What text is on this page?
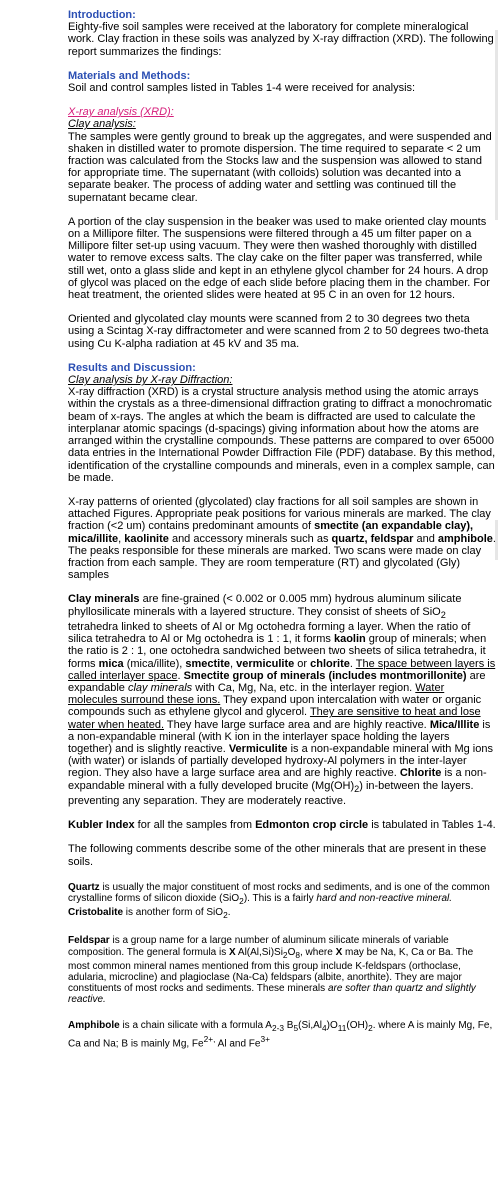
Introduction:

Eighty-five soil samples were received at the laboratory for complete mineralogical work. Clay fraction in these soils was analyzed by X-ray diffraction (XRD). The following report summarizes the findings:

Materials and Methods:

Soil and control samples listed in Tables 1-4 were received for analysis:

X-ray analysis (XRD):

Clay analysis:

The samples were gently ground to break up the aggregates, and were suspended and shaken in distilled water to promote dispersion. The time required to separate < 2 um fraction was calculated from the Stocks law and the suspension was allowed to stand for appropriate time. The supernatant (with colloids) solution was decanted into a separate beaker. The process of adding water and settling was continued till the supernatant became clear.

A portion of the clay suspension in the beaker was used to make oriented clay mounts on a Millipore filter. The suspensions were filtered through a 45 um filter paper on a Millipore filter set-up using vacuum. They were then washed thoroughly with distilled water to remove excess salts. The clay cake on the filter paper was transferred, while still wet, onto a glass slide and kept in an ethylene glycol chamber for 24 hours. A drop of glycol was placed on the edge of each slide before placing them in the chamber. For heat treatment, the oriented slides were heated at 95 C in an oven for 12 hours.

Oriented and glycolated clay mounts were scanned from 2 to 30 degrees two theta using a Scintag X-ray diffractometer and were scanned from 2 to 50 degrees two-theta using Cu K-alpha radiation at 45 kV and 35 ma.

Results and Discussion:

Clay analysis by X-ray Diffraction:

X-ray diffraction (XRD) is a crystal structure analysis method using the atomic arrays within the crystals as a three-dimensional diffraction grating to diffract a monochromatic beam of x-rays. The angles at which the beam is diffracted are used to calculate the interplanar atomic spacings (d-spacings) giving information about how the atoms are arranged within the crystalline compounds. These patterns are compared to over 65000 data entries in the International Powder Diffraction File (PDF) database. By this method, identification of the crystalline compounds and minerals, even in a complex sample, can be made.

X-ray patterns of oriented (glycolated) clay fractions for all soil samples are shown in attached Figures. Appropriate peak positions for various minerals are marked. The clay fraction (<2 um) contains predominant amounts of smectite (an expandable clay), mica/illite, kaolinite and accessory minerals such as quartz, feldspar and amphibole. The peaks responsible for these minerals are marked. Two scans were made on clay fraction from each sample. They are room temperature (RT) and glycolated (Gly) samples

Clay minerals are fine-grained (< 0.002 or 0.005 mm) hydrous aluminum silicate phyllosilicate minerals with a layered structure. They consist of sheets of SiO$_2$ tetrahedra linked to sheets of Al or Mg octohedra forming a layer. When the ratio of silica tetrahedra to Al or Mg octohedra is 1 : 1, it forms kaolin group of minerals; when the ratio is 2 : 1, one octohedra sandwiched between two sheets of silica tetrahedra, it forms mica (mica/illite), smectite, vermiculite or chlorite. The space between layers is called interlayer space. Smectite group of minerals (includes montmorillonite) are expandable clay minerals with Ca, Mg, Na, etc. in the interlayer region. Water molecules surround these ions. They expand upon intercalation with water or organic compounds such as ethylene glycol and glycerol. They are sensitive to heat and lose water when heated. They have large surface area and are highly reactive. Mica/Illite is a non-expandable mineral (with K ion in the interlayer space holding the layers together) and is slightly reactive. Vermiculite is a non-expandable mineral with Mg ions (with water) or islands of partially developed hydroxy-Al polymers in the inter-layer region. They also have a large surface area and are highly reactive. Chlorite is a non-expandable mineral with a fully developed brucite $(Mg(OH)_2)$ in-between the layers. preventing any separation. They are moderately reactive.

Kubler Index for all the samples from Edmonton crop circle is tabulated in Tables 1-4.

The following comments describe some of the other minerals that are present in these soils.

Quartz is usually the major constituent of most rocks and sediments, and is one of the common crystalline forms of silicon dioxide (SiO$_2$). This is a fairly hard and non-reactive mineral. Cristobalite is another form of SiO$_2$.

Feldspar is a group name for a large number of aluminum silicate minerals of variable composition. The general formula is X $Al(Al,Si)Si_2O_8$, where X may be Na, K, Ca or Ba. The most common mineral names mentioned from this group include K-feldspars (orthoclase, adularia, microcline) and plagioclase (Na-Ca) feldspars (albite, anorthite). They are major constituents of most rocks and sediments. These minerals are softer than quartz and slightly reactive.

Amphibole is a chain silicate with a formula $A_{2-3}$ $B_5(Si,Al_4)O_{11}(OH)_2$. where A is mainly Mg, Fe, Ca and Na; B is mainly Mg, $Fe^{2+,}$ Al and $Fe^{3+}$
